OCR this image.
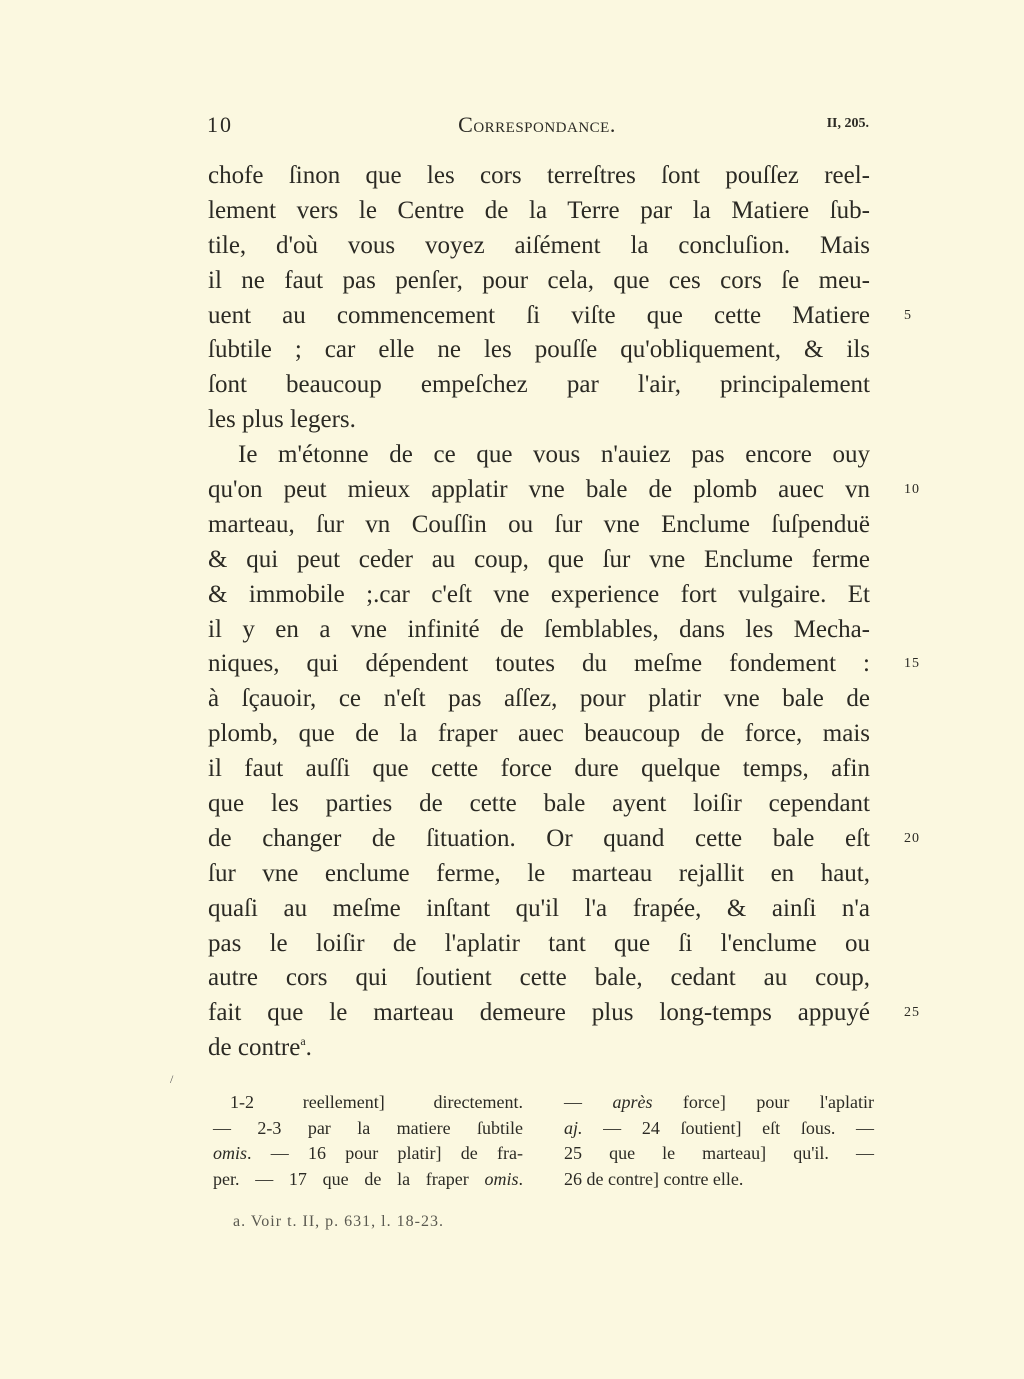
10	Correspondance.	II, 205.
chofe ſinon que les cors terreſtres ſont pouſſez reel-
lement vers le Centre de la Terre par la Matiere ſub-
tile, d'où vous voyez aiſément la concluſion. Mais
il ne faut pas penſer, pour cela, que ces cors ſe meu-
uent au commencement ſi viſte que cette Matiere 5
ſubtile ; car elle ne les pouſſe qu'obliquement, & ils
ſont beaucoup empeſchez par l'air, principalement
les plus legers.
Ie m'étonne de ce que vous n'auiez pas encore ouy
qu'on peut mieux applatir vne bale de plomb auec vn 10
marteau, ſur vn Couſſin ou ſur vne Enclume ſuſpenduë
& qui peut ceder au coup, que ſur vne Enclume ferme
& immobile ;.car c'eſt vne experience fort vulgaire. Et
il y en a vne infinité de ſemblables, dans les Mecha-
niques, qui dépendent toutes du meſme fondement : 15
à ſçauoir, ce n'eſt pas aſſez, pour platir vne bale de
plomb, que de la fraper auec beaucoup de force, mais
il faut auſſi que cette force dure quelque temps, afin
que les parties de cette bale ayent loiſir cependant
de changer de ſituation. Or quand cette bale eſt 20
ſur vne enclume ferme, le marteau rejallit en haut,
quaſi au meſme inſtant qu'il l'a frapée, & ainſi n'a
pas le loiſir de l'aplatir tant que ſi l'enclume ou
autre cors qui ſoutient cette bale, cedant au coup,
fait que le marteau demeure plus long-temps appuyé 25
de contre$^a$.
/
1-2 reellement] directement.
— 2-3 par la matiere ſubtile
omis. — 16 pour platir] de fra-
per. — 17 que de la fraper omis.
— après force] pour l'aplatir
aj. — 24 ſoutient] eſt ſous. —
25 que le marteau] qu'il. —
26 de contre] contre elle.
a. Voir t. II, p. 631, l. 18-23.
